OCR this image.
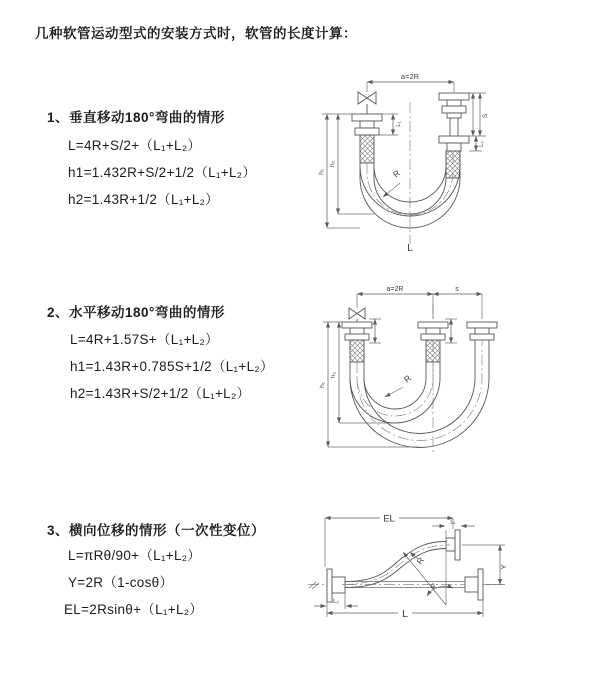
几种软管运动型式的安装方式时，软管的长度计算：
1、垂直移动180°弯曲的情形
L=4R+S/2+（L₁+L₂）
h1=1.432R+S/2+1/2（L₁+L₂）
h2=1.43R+1/2（L₁+L₂）
a=2R
S
L₂
h₁
h₂
L₁
R
L
2、水平移动180°弯曲的情形
L=4R+1.57S+（L₁+L₂）
h1=1.43R+0.785S+1/2（L₁+L₂）
h2=1.43R+S/2+1/2（L₁+L₂）
a=2R	s
h₁
h₂	R
3、横向位移的情形（一次性变位）
L=πRθ/90+（L₁+L₂）
Y=2R（1-cosθ）
EL=2Rsinθ+（L₁+L₂）
EL	L₁
Y
L
L₂
θ
R
